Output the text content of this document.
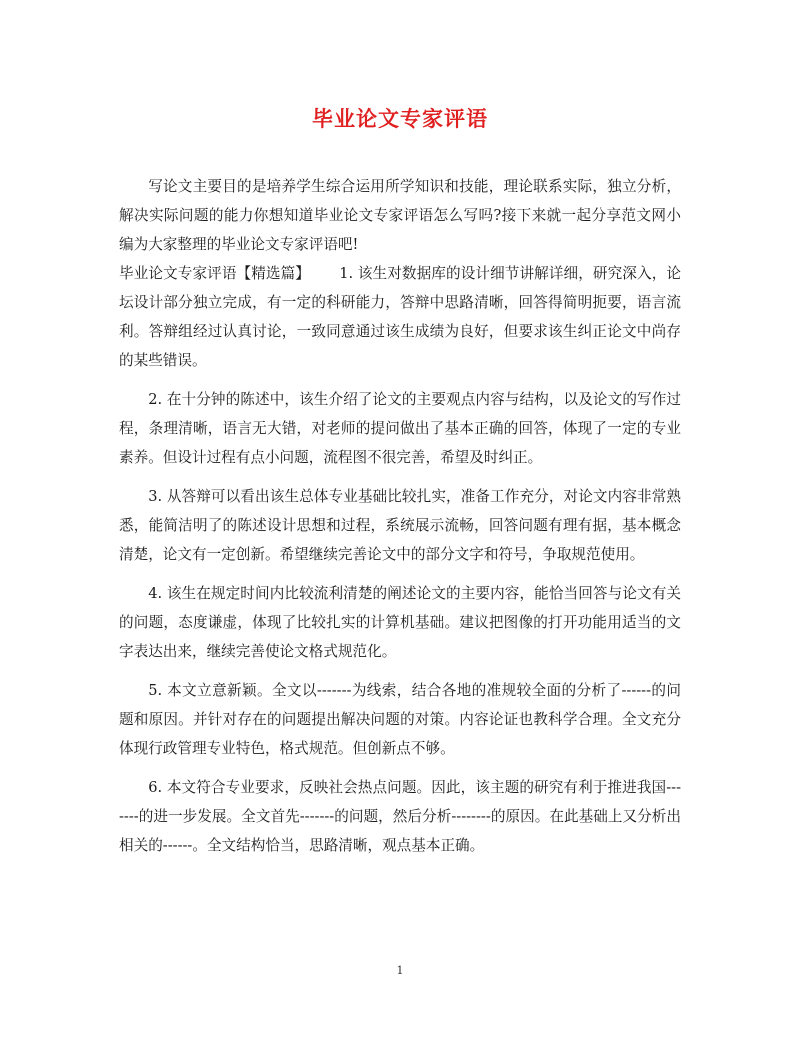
毕业论文专家评语

写论文主要目的是培养学生综合运用所学知识和技能，理论联系实际，独立分析，解决实际问题的能力你想知道毕业论文专家评语怎么写吗?接下来就一起分享范文网小编为大家整理的毕业论文专家评语吧!

毕业论文专家评语【精选篇】   1. 该生对数据库的设计细节讲解详细，研究深入，论坛设计部分独立完成，有一定的科研能力，答辩中思路清晰，回答得简明扼要，语言流利。答辩组经过认真讨论，一致同意通过该生成绩为良好，但要求该生纠正论文中尚存的某些错误。

2. 在十分钟的陈述中，该生介绍了论文的主要观点内容与结构，以及论文的写作过程，条理清晰，语言无大错，对老师的提问做出了基本正确的回答，体现了一定的专业素养。但设计过程有点小问题，流程图不很完善，希望及时纠正。

3. 从答辩可以看出该生总体专业基础比较扎实，准备工作充分，对论文内容非常熟悉，能简洁明了的陈述设计思想和过程，系统展示流畅，回答问题有理有据，基本概念清楚，论文有一定创新。希望继续完善论文中的部分文字和符号，争取规范使用。

4. 该生在规定时间内比较流利清楚的阐述论文的主要内容，能恰当回答与论文有关的问题，态度谦虚，体现了比较扎实的计算机基础。建议把图像的打开功能用适当的文字表达出来，继续完善使论文格式规范化。

5. 本文立意新颖。全文以-------为线索，结合各地的准规较全面的分析了------的问题和原因。并针对存在的问题提出解决问题的对策。内容论证也教科学合理。全文充分体现行政管理专业特色，格式规范。但创新点不够。

6. 本文符合专业要求，反映社会热点问题。因此，该主题的研究有利于推进我国-------的进一步发展。全文首先-------的问题，然后分析--------的原因。在此基础上又分析出相关的------。全文结构恰当，思路清晰，观点基本正确。

1
